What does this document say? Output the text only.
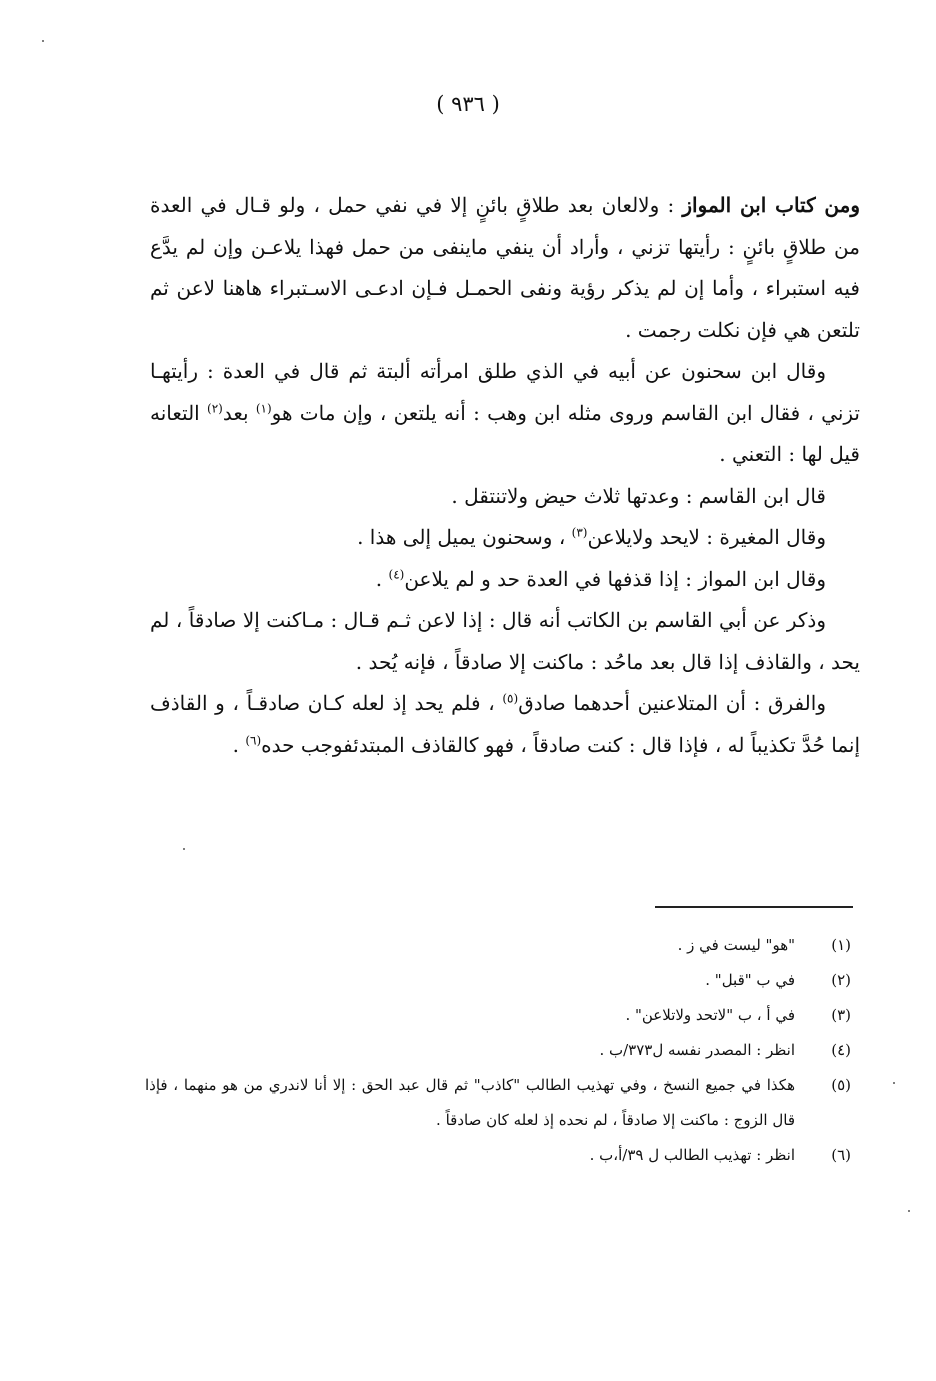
( ٩٣٦ )

ومن كتاب ابن المواز : ولالعان بعد طلاقٍ بائنٍ إلا في نفي حمل ، ولو قـال في العدة من طلاقٍ بائنٍ : رأيتها تزني ، وأراد أن ينفي ماينفى من حمل فهذا يلاعـن وإن لم يدَّع فيه استبراء ، وأما إن لم يذكر رؤية ونفى الحمـل فـإن ادعـى الاسـتبراء هاهنا لاعن ثم تلتعن هي فإن نكلت رجمت .

وقال ابن سحنون عن أبيه في الذي طلق امرأته ألبتة ثم قال في العدة : رأيتهـا تزني ، فقال ابن القاسم وروى مثله ابن وهب : أنه يلتعن ، وإن مات هو$^{(١)}$ بعد$^{(٢)}$ التعانه قيل لها : التعني .

قال ابن القاسم : وعدتها ثلاث حيض ولاتنتقل .

وقال المغيرة : لايحد ولايلاعن$^{(٣)}$ ، وسحنون يميل إلى هذا .

وقال ابن المواز : إذا قذفها في العدة حد و لم يلاعن$^{(٤)}$ .

وذكر عن أبي القاسم بن الكاتب أنه قال : إذا لاعن ثـم قـال : مـاكنت إلا صادقاً ، لم يحد ، والقاذف إذا قال بعد ماحُد : ماكنت إلا صادقاً ، فإنه يُحد .

والفرق : أن المتلاعنين أحدهما صادق$^{(٥)}$ ، فلم يحد إذ لعله كـان صادقـاً ، و القاذف إنما حُدَّ تكذيباً له ، فإذا قال : كنت صادقاً ، فهو كالقاذف المبتدئفوجب حده$^{(٦)}$ .

(١)
"هو" ليست في ز .
(٢)
في ب "قبل" .
(٣)
في أ ، ب "لاتحد ولاتلاعن" .
(٤)
انظر : المصدر نفسه ل٣٧٣/ب .
(٥)
هكذا في جميع النسخ ، وفي تهذيب الطالب "كاذب" ثم قال عبد الحق : إلا أنا لاندري من هو منهما ، فإذا قال الزوج : ماكنت إلا صادقاً ، لم نحده إذ لعله كان صادقاً .
(٦)
انظر : تهذيب الطالب ل ٣٩/أ،ب .
